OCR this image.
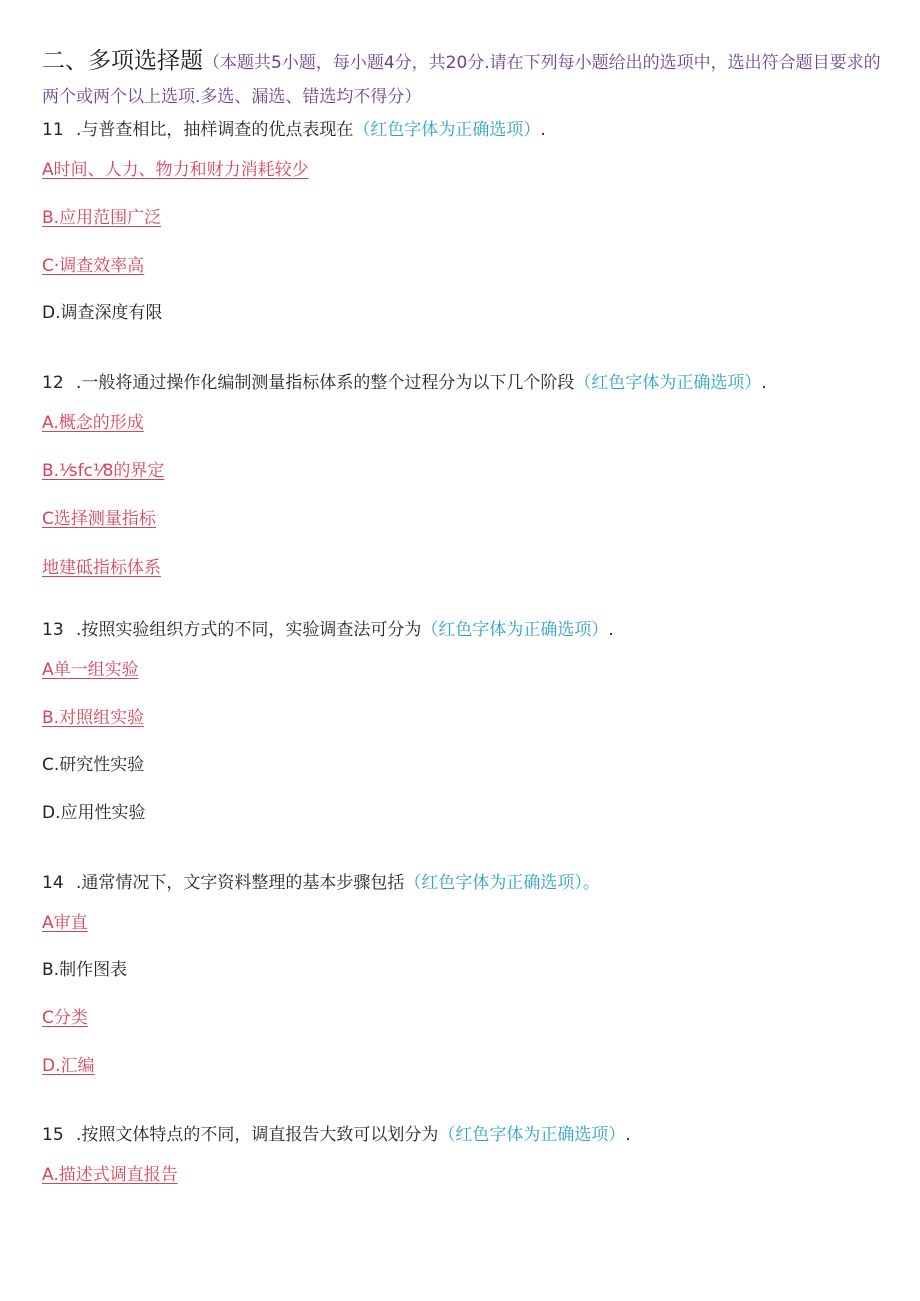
二、多项选择题（本题共5小题，每小题4分，共20分.请在下列每小题给出的选项中，选出符合题目要求的两个或两个以上选项.多选、漏选、错选均不得分）
11 .与普查相比，抽样调查的优点表现在（红色字体为正确选项）.
A时间、人力、物力和财力消耗较少
B.应用范围广泛
C·调查效率高
D.调查深度有限
12 .一般将通过操作化编制测量指标体系的整个过程分为以下几个阶段（红色字体为正确选项）.
A.概念的形成
B.⅟sfc⅟8的界定
C选择测量指标
地建砥指标体系
13 .按照实验组织方式的不同，实验调查法可分为（红色字体为正确选项）.
A单一组实验
B.对照组实验
C.研究性实验
D.应用性实验
14 .通常情况下，文字资料整理的基本步骤包括（红色字体为正确选项）。
A审直
B.制作图表
C分类
D.汇编
15 .按照文体特点的不同，调直报告大致可以划分为（红色字体为正确选项）.
A.描述式调直报告
